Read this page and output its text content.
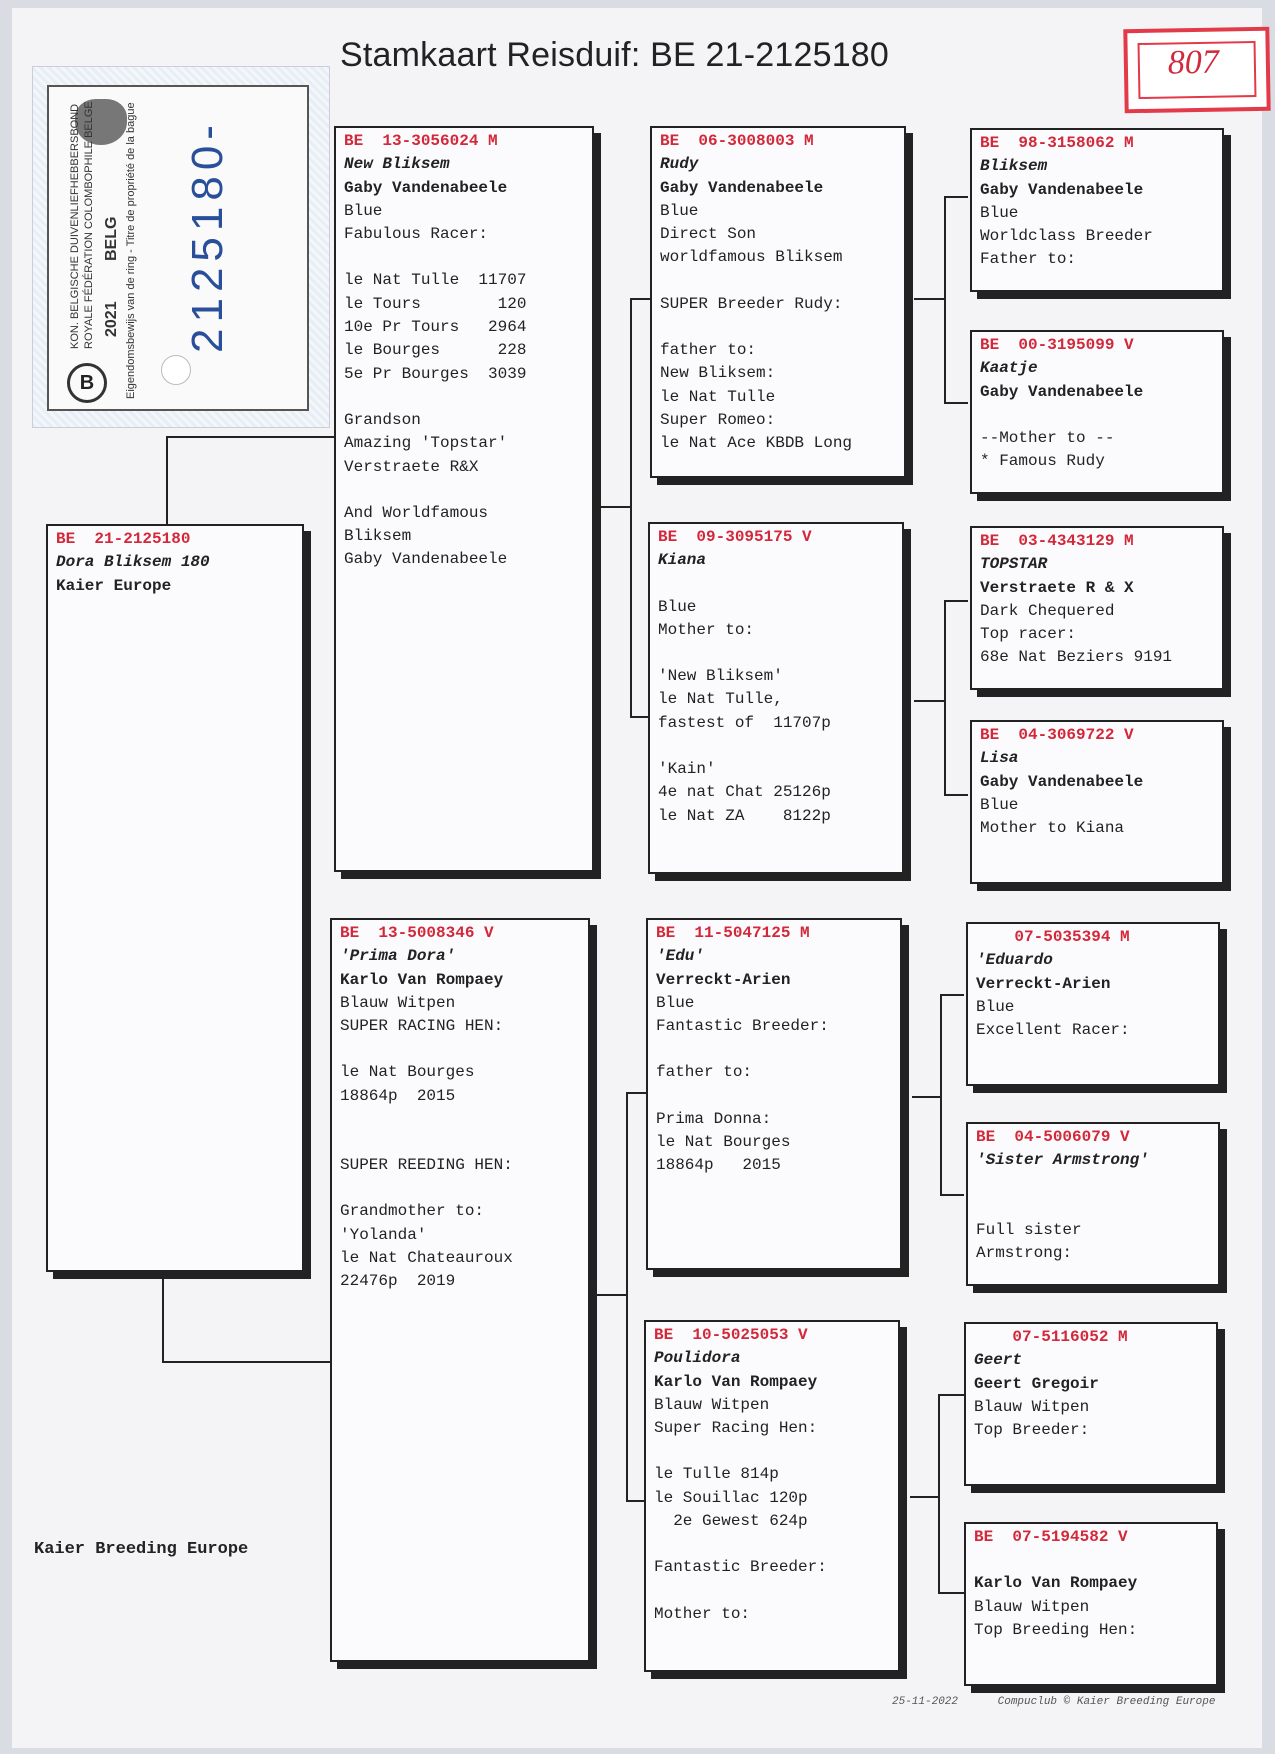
Stamkaart Reisduif: BE 21-2125180	807
B
KON. BELGISCHE DUIVENLIEFHEBBERSBOND ROYALE FÉDÉRATION COLOMBOPHILE BELGE	Eigendomsbewijs van de ring - Titre de propriété de la bague
2021
BELG 2125180-
BE  21-2125180
Dora Bliksem 180
Kaier Europe
BE  13-3056024 M
New Bliksem
Gaby Vandenabeele
Blue
Fabulous Racer:
le Nat Tulle  11707
le Tours        120
10e Pr Tours   2964
le Bourges      228
5e Pr Bourges  3039
Grandson
Amazing 'Topstar'
Verstraete R&X
And Worldfamous
Bliksem
Gaby Vandenabeele
BE  13-5008346 V
'Prima Dora'
Karlo Van Rompaey
Blauw Witpen
SUPER RACING HEN:
le Nat Bourges
18864p  2015
SUPER REEDING HEN:
Grandmother to:
'Yolanda'
le Nat Chateauroux
22476p  2019
BE  06-3008003 M
Rudy
Gaby Vandenabeele
Blue
Direct Son
worldfamous Bliksem
SUPER Breeder Rudy:
father to:
New Bliksem:
le Nat Tulle
Super Romeo:
le Nat Ace KBDB Long
BE  09-3095175 V
Kiana
Blue
Mother to:
'New Bliksem'
le Nat Tulle,
fastest of  11707p
'Kain'
4e nat Chat 25126p
le Nat ZA    8122p
BE  11-5047125 M
'Edu'
Verreckt-Arien
Blue
Fantastic Breeder:
father to:
Prima Donna:
le Nat Bourges
18864p   2015
BE  10-5025053 V
Poulidora
Karlo Van Rompaey
Blauw Witpen
Super Racing Hen:
le Tulle 814p
le Souillac 120p
2e Gewest 624p
Fantastic Breeder:
Mother to:
BE  98-3158062 M
Bliksem
Gaby Vandenabeele
Blue
Worldclass Breeder
Father to:
BE  00-3195099 V
Kaatje
Gaby Vandenabeele
--Mother to --
* Famous Rudy
BE  03-4343129 M
TOPSTAR
Verstraete R & X
Dark Chequered
Top racer:
68e Nat Beziers 9191
BE  04-3069722 V
Lisa
Gaby Vandenabeele
Blue
Mother to Kiana
07-5035394 M
'Eduardo
Verreckt-Arien
Blue
Excellent Racer:
BE  04-5006079 V
'Sister Armstrong'
Full sister
Armstrong:
07-5116052 M
Geert
Geert Gregoir
Blauw Witpen
Top Breeder:
BE  07-5194582 V
Karlo Van Rompaey
Blauw Witpen
Top Breeding Hen:
Kaier Breeding Europe
25-11-2022	Compuclub © Kaier Breeding Europe
